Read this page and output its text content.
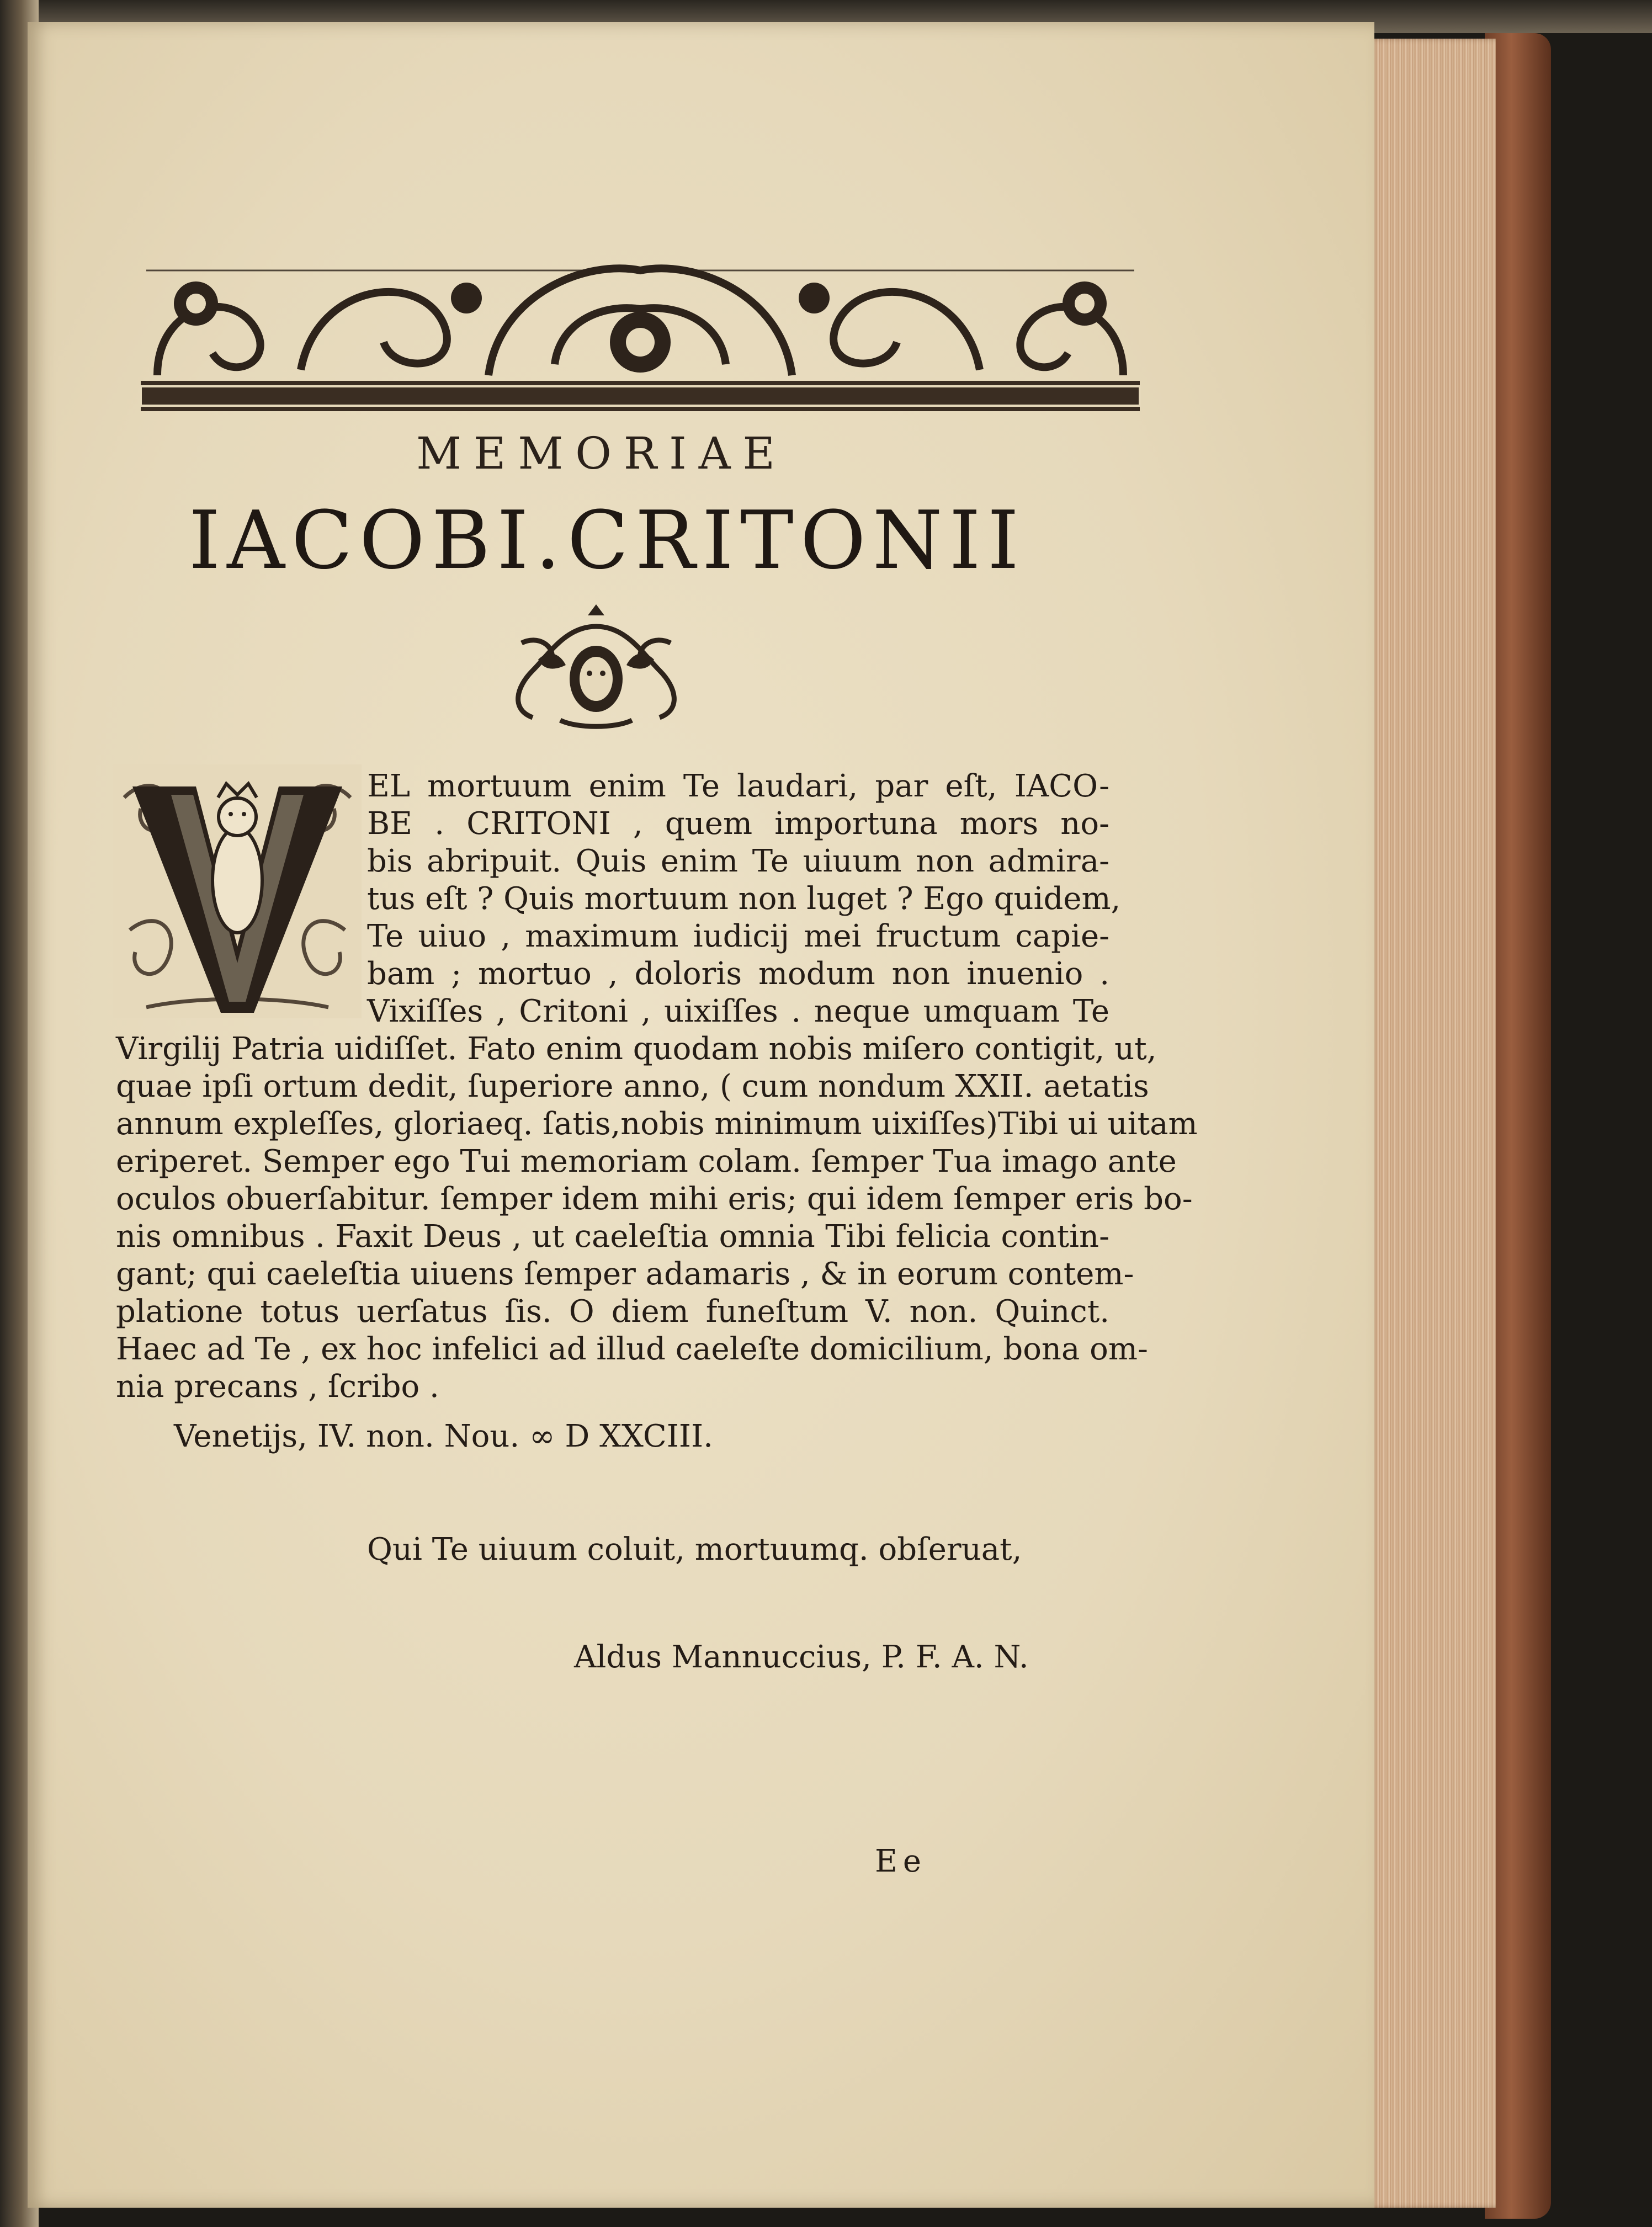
MEMORIAE
IACOBI.CRITONII
EL mortuum enim Te laudari, par eſt, IACO-
BE . CRITONI , quem importuna mors no-
bis abripuit. Quis enim Te uiuum non admira-
tus eſt ? Quis mortuum non luget ? Ego quidem,
Te uiuo , maximum iudicij mei fructum capie-
bam ; mortuo , doloris modum non inuenio .
Vixiſſes , Critoni , uixiſſes . neque umquam Te
Virgilij Patria uidiſſet. Fato enim quodam nobis miſero contigit, ut,
quae ipſi ortum dedit, ſuperiore anno, ( cum nondum XXII. aetatis
annum expleſſes, gloriaeq. ſatis,nobis minimum uixiſſes)Tibi ui uitam
eriperet. Semper ego Tui memoriam colam. ſemper Tua imago ante
oculos obuerſabitur. ſemper idem mihi eris; qui idem ſemper eris bo-
nis omnibus . Faxit Deus , ut caeleſtia omnia Tibi felicia contin-
gant; qui caeleſtia uiuens ſemper adamaris , & in eorum contem-
platione totus uerſatus ſis. O diem funeſtum V. non. Quinct.
Haec ad Te , ex hoc infelici ad illud caeleſte domicilium, bona om-
nia precans , ſcribo .
Venetijs, IV. non. Nou. ∞ D XXCIII.
Qui Te uiuum coluit, mortuumq. obſeruat,
Aldus Mannuccius, P. F. A. N.
Ee
